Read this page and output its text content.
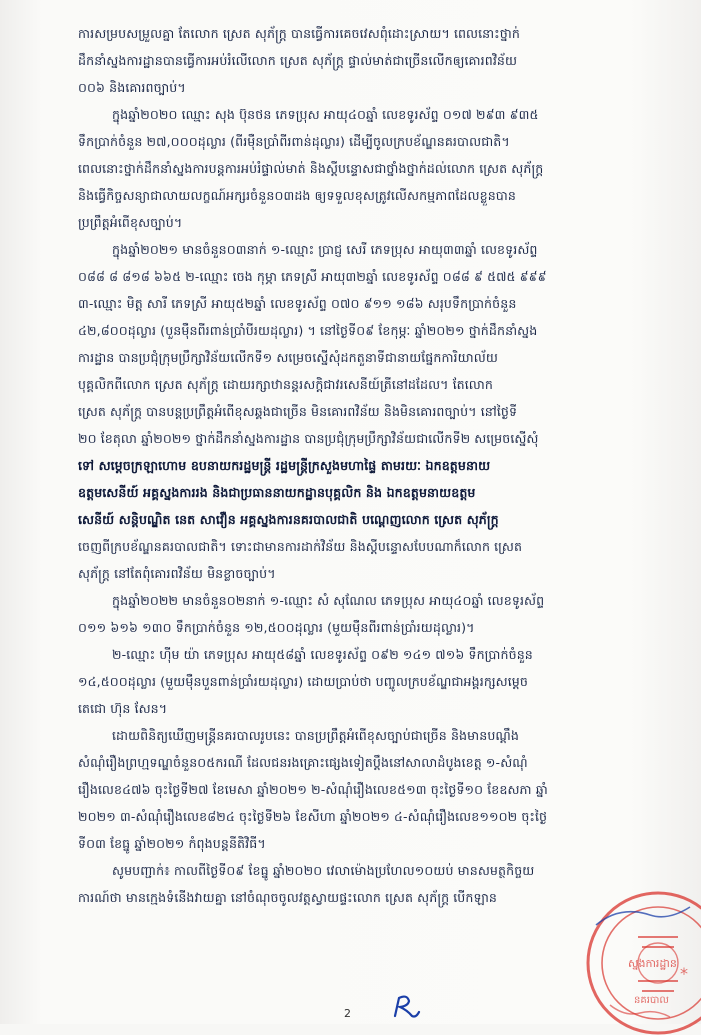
ការសម្របសម្រួលគ្នា តែលោក ស្រេត សុភ័ក្រ្ត បានធ្វើការគេចវេសពុំដោះស្រាយ។ ពេលនោះថ្នាក់
ដឹកនាំស្នងការដ្ឋានបានធ្វើការអប់រំលើលោក ស្រេត សុភ័ក្រ្ត ផ្ទាល់មាត់ជាច្រើនលើកឲ្យគោរពវិន័យ
០០៦ និងគោរពច្បាប់។
ក្នុងឆ្នាំ២០២០ ឈ្មោះ សុង ប៊ុនថន ភេទប្រុស អាយុ៤០ឆ្នាំ លេខទូរស័ព្ទ ០១៧ ២៩៣ ៩៣៥
ទឹកប្រាក់ចំនួន ២៧,០០០ដុល្លារ (ពីរម៉ឺនប្រាំពីរពាន់ដុល្លារ) ដើម្បីចូលក្របខ័ណ្ឌនគរបាលជាតិ។
ពេលនោះថ្នាក់ដឹកនាំស្នងការបន្តការអប់រំផ្ទាល់មាត់ និងស្តីបន្ទោសជាថ្នាំងថ្នាក់ដល់លោក ស្រេត សុភ័ក្រ្ត
និងធ្វើកិច្ចសន្យាជាលាយលក្ខណ៍អក្សរចំនួន០៣ដង ឲ្យទទួលខុសត្រូវលើសកម្មភាពដែលខ្លួនបាន
ប្រព្រឹត្តអំពើខុសច្បាប់។
ក្នុងឆ្នាំ២០២១ មានចំនួន០៣នាក់ ១-ឈ្មោះ ប្រាជ្ញ សេរី ភេទប្រុស អាយុ៣៣ឆ្នាំ លេខទូរស័ព្ទ
០៨៨ ៨ ៨១៨ ៦៦៥ ២-ឈ្មោះ ចេង កុម្ភា ភេទស្រី អាយុ៣២ឆ្នាំ លេខទូរស័ព្ទ ០៨៨ ៩ ៥៧៥ ៩៩៩
៣-ឈ្មោះ មិត្ត សារី ភេទស្រី អាយុ៥២ឆ្នាំ លេខទូរស័ព្ទ ០៧០ ៩១១ ១៨៦ សរុបទឹកប្រាក់ចំនួន
៤២,៨០០ដុល្លារ (បួនម៉ឺនពីរពាន់ប្រាំបីរយដុល្លារ) ។ នៅថ្ងៃទី០៩ ខែកុម្ភៈ ឆ្នាំ២០២១ ថ្នាក់ដឹកនាំស្នង
ការដ្ឋាន បានប្រជុំក្រុមប្រឹក្សាវិន័យលើកទី១ សម្រេចស្នើសុំដកតួនាទីជានាយផ្នែកការិយាល័យ
បុគ្គលិកពីលោក ស្រេត សុភ័ក្រ្ត ដោយរក្សាឋានន្តរសក្តិជាវរសេនីយ៍ត្រីនៅដដែល។ តែលោក
ស្រេត សុភ័ក្រ្ត បានបន្តប្រព្រឹត្តអំពើខុសឆ្គងជាច្រើន មិនគោរពវិន័យ និងមិនគោរពច្បាប់។ នៅថ្ងៃទី
២០ ខែតុលា ឆ្នាំ២០២១ ថ្នាក់ដឹកនាំស្នងការដ្ឋាន បានប្រជុំក្រុមប្រឹក្សាវិន័យជាលើកទី២ សម្រេចស្នើសុំ
ទៅ សម្តេចក្រឡាហោម ឧបនាយករដ្ឋមន្ត្រី រដ្ឋមន្ត្រីក្រសួងមហាផ្ទៃ តាមរយៈ ឯកឧត្តមនាយ
ឧត្តមសេនីយ៍ អគ្គស្នងការរង និងជាប្រធាននាយកដ្ឋានបុគ្គលិក និង ឯកឧត្តមនាយឧត្តម
សេនីយ៍ សន្តិបណ្ឌិត នេត សាវឿន អគ្គស្នងការនគរបាលជាតិ បណ្តេញលោក ស្រេត សុភ័ក្រ្ត
ចេញពីក្របខ័ណ្ឌនគរបាលជាតិ។ ទោះជាមានការដាក់វិន័យ និងស្តីបន្ទោសបែបណាក៏លោក ស្រេត
សុភ័ក្រ្ត នៅតែពុំគោរពវិន័យ មិនខ្លាចច្បាប់។
ក្នុងឆ្នាំ២០២២ មានចំនួន០២នាក់ ១-ឈ្មោះ សំ សុណែល ភេទប្រុស អាយុ៤០ឆ្នាំ លេខទូរស័ព្ទ
០១១ ៦១៦ ១៣០ ទឹកប្រាក់ចំនួន ១២,៥០០ដុល្លារ (មួយម៉ឺនពីរពាន់ប្រាំរយដុល្លារ)។
២-ឈ្មោះ ហ៊ីម យ៉ា ភេទប្រុស អាយុ៥៨ឆ្នាំ លេខទូរស័ព្ទ ០៩២ ១៤១ ៧១៦ ទឹកប្រាក់ចំនួន
១៤,៥០០ដុល្លារ (មួយម៉ឺនបួនពាន់ប្រាំរយដុល្លារ) ដោយប្រាប់ថា បញ្ចូលក្របខ័ណ្ឌជាអង្គរក្សសម្តេច
តេជោ ហ៊ុន សែន។
ដោយពិនិត្យឃើញមន្ត្រីនគរបាលរូបនេះ បានប្រព្រឹត្តអំពើខុសច្បាប់ជាច្រើន និងមានបណ្តឹង
សំណុំរឿងព្រហ្មទណ្ឌចំនួន០៥ករណី ដែលជនរងគ្រោះផ្សេងទៀតប្តឹងនៅសាលាដំបូងខេត្ត ១-សំណុំ
រឿងលេខ៤៧៦ ចុះថ្ងៃទី២៧ ខែមេសា ឆ្នាំ២០២១ ២-សំណុំរឿងលេខ៥១៣ ចុះថ្ងៃទី១០ ខែឧសភា ឆ្នាំ
២០២១ ៣-សំណុំរឿងលេខ៨២៤ ចុះថ្ងៃទី២៦ ខែសីហា ឆ្នាំ២០២១ ៤-សំណុំរឿងលេខ១១០២ ចុះថ្ងៃ
ទី០៣ ខែធ្នូ ឆ្នាំ២០២១ កំពុងបន្តនីតិវិធី។
សូមបញ្ជាក់៖ កាលពីថ្ងៃទី០៩ ខែធ្នូ ឆ្នាំ២០២០ វេលាម៉ោងប្រហែល១០យប់ មានសមត្ថកិច្ចយ
ការណ៍ថា មានក្មេងទំនើងវាយគ្នា នៅចំណុចចូលវត្តស្វាយផ្ទះលោក ស្រេត សុភ័ក្រ្ត បើកឡាន
2
*
ស្នងការដ្ឋាន
នគរបាល
